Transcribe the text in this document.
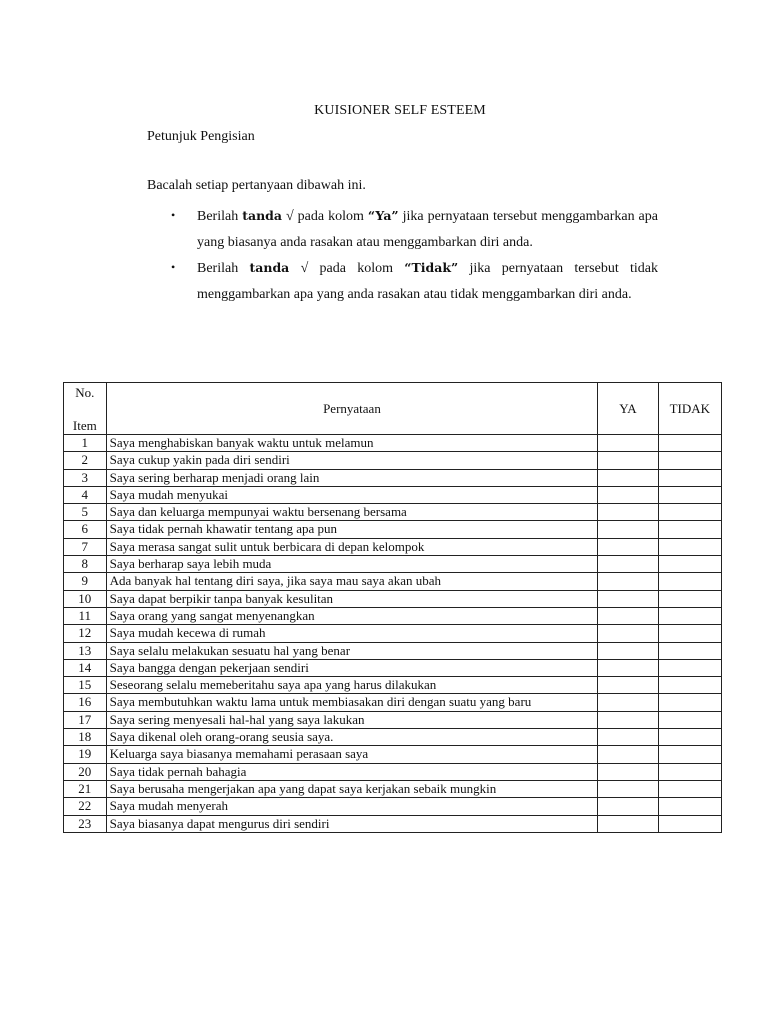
KUISIONER SELF ESTEEM
Petunjuk Pengisian
Bacalah setiap pertanyaan dibawah ini.
•	Berilah tanda √ pada kolom “Ya” jika pernyataan tersebut menggambarkan apa yang biasanya anda rasakan atau menggambarkan diri anda.
•	Berilah tanda √ pada kolom “Tidak” jika pernyataan tersebut tidak menggambarkan apa yang anda rasakan atau tidak menggambarkan diri anda.
No.
Item	Pernyataan	YA	TIDAK
1	Saya menghabiskan banyak waktu untuk melamun		
2	Saya cukup yakin pada diri sendiri		
3	Saya sering berharap menjadi orang lain		
4	Saya mudah menyukai		
5	Saya dan keluarga mempunyai waktu bersenang bersama		
6	Saya tidak pernah khawatir tentang apa pun		
7	Saya merasa sangat sulit untuk berbicara di depan kelompok		
8	Saya berharap saya lebih muda		
9	Ada banyak hal tentang diri saya, jika saya mau saya akan ubah		
10	Saya dapat berpikir tanpa banyak kesulitan		
11	Saya orang yang sangat menyenangkan		
12	Saya mudah kecewa di rumah		
13	Saya selalu melakukan sesuatu hal yang benar		
14	Saya bangga dengan pekerjaan sendiri		
15	Seseorang selalu memeberitahu saya apa yang harus dilakukan		
16	Saya membutuhkan waktu lama untuk membiasakan diri dengan suatu yang baru		
17	Saya sering menyesali hal-hal yang saya lakukan		
18	Saya dikenal oleh orang-orang seusia saya.		
19	Keluarga saya biasanya memahami perasaan saya		
20	Saya tidak pernah bahagia		
21	Saya berusaha mengerjakan apa yang dapat saya kerjakan sebaik mungkin		
22	Saya mudah menyerah		
23	Saya biasanya dapat mengurus diri sendiri		
